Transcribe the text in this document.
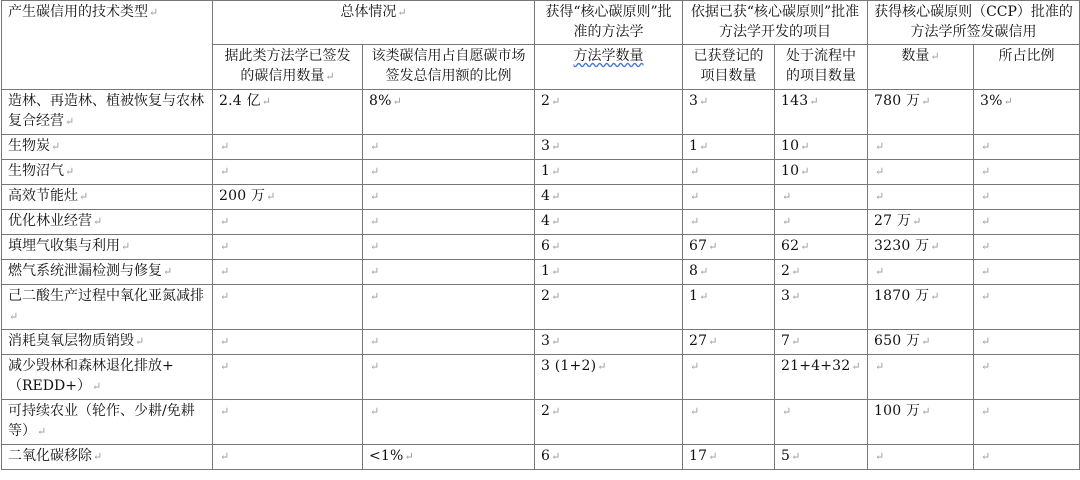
产生碳信用的技术类型↵	总体情况↵		获得“核心碳原则”批准的方法学	依据已获“核心碳原则”批准方法学开发的项目		获得核心碳原则（CCP）批准的方法学所签发碳信用	
	据此类方法学已签发的碳信用数量↵	该类碳信用占自愿碳市场签发总信用额的比例	方法学数量	已获登记的项目数量	处于流程中的项目数量	数量↵	所占比例
造林、再造林、植被恢复与农林复合经营↵	2.4 亿↵	8%↵	2↵	3↵	143↵	780 万↵	3%↵
生物炭↵	↵	↵	3↵	1↵	10↵	↵	↵
生物沼气↵	↵	↵	1↵	↵	10↵	↵	↵
高效节能灶↵	200 万↵	↵	4↵	↵	↵	↵	↵
优化林业经营↵	↵	↵	4↵	↵	↵	27 万↵	↵
填埋气收集与利用↵	↵	↵	6↵	67↵	62↵	3230 万↵	↵
燃气系统泄漏检测与修复↵	↵	↵	1↵	8↵	2↵	↵	↵
己二酸生产过程中氧化亚氮减排↵	↵	↵	2↵	1↵	3↵	1870 万↵	↵
消耗臭氧层物质销毁↵	↵	↵	3↵	27↵	7↵	650 万↵	↵
减少毁林和森林退化排放+（REDD+）↵	↵	↵	3 (1+2)↵	↵	21+4+32↵	↵	↵
可持续农业（轮作、少耕/免耕等）↵	↵	↵	2↵	↵	↵	100 万↵	↵
二氧化碳移除↵	↵	<1%↵	6↵	17↵	5↵	↵	↵
